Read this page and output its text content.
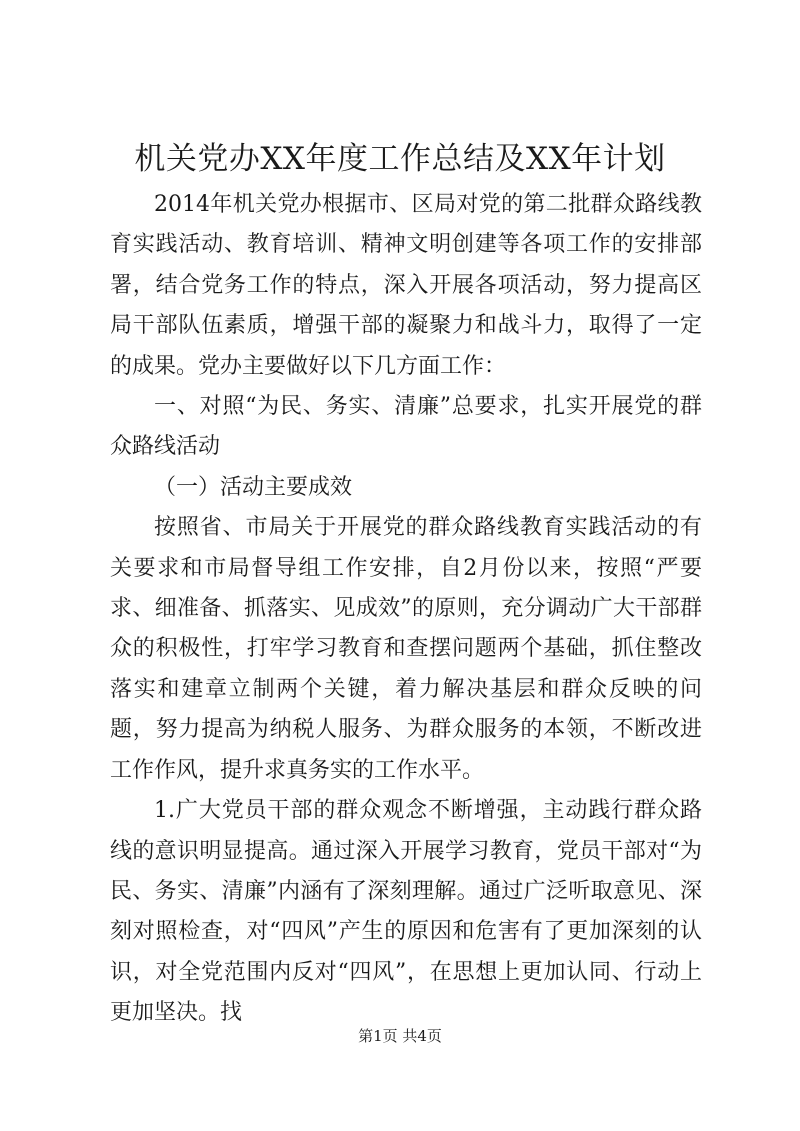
机关党办XX年度工作总结及XX年计划

2014年机关党办根据市、区局对党的第二批群众路线教育实践活动、教育培训、精神文明创建等各项工作的安排部署，结合党务工作的特点，深入开展各项活动，努力提高区局干部队伍素质，增强干部的凝聚力和战斗力，取得了一定的成果。党办主要做好以下几方面工作：

一、对照“为民、务实、清廉”总要求，扎实开展党的群众路线活动

（一）活动主要成效

按照省、市局关于开展党的群众路线教育实践活动的有关要求和市局督导组工作安排，自2月份以来，按照“严要求、细准备、抓落实、见成效”的原则，充分调动广大干部群众的积极性，打牢学习教育和查摆问题两个基础，抓住整改落实和建章立制两个关键，着力解决基层和群众反映的问题，努力提高为纳税人服务、为群众服务的本领，不断改进工作作风，提升求真务实的工作水平。

1.广大党员干部的群众观念不断增强，主动践行群众路线的意识明显提高。通过深入开展学习教育，党员干部对“为民、务实、清廉”内涵有了深刻理解。通过广泛听取意见、深刻对照检查，对“四风”产生的原因和危害有了更加深刻的认识，对全党范围内反对“四风”，在思想上更加认同、行动上更加坚决。找

第1页 共4页
